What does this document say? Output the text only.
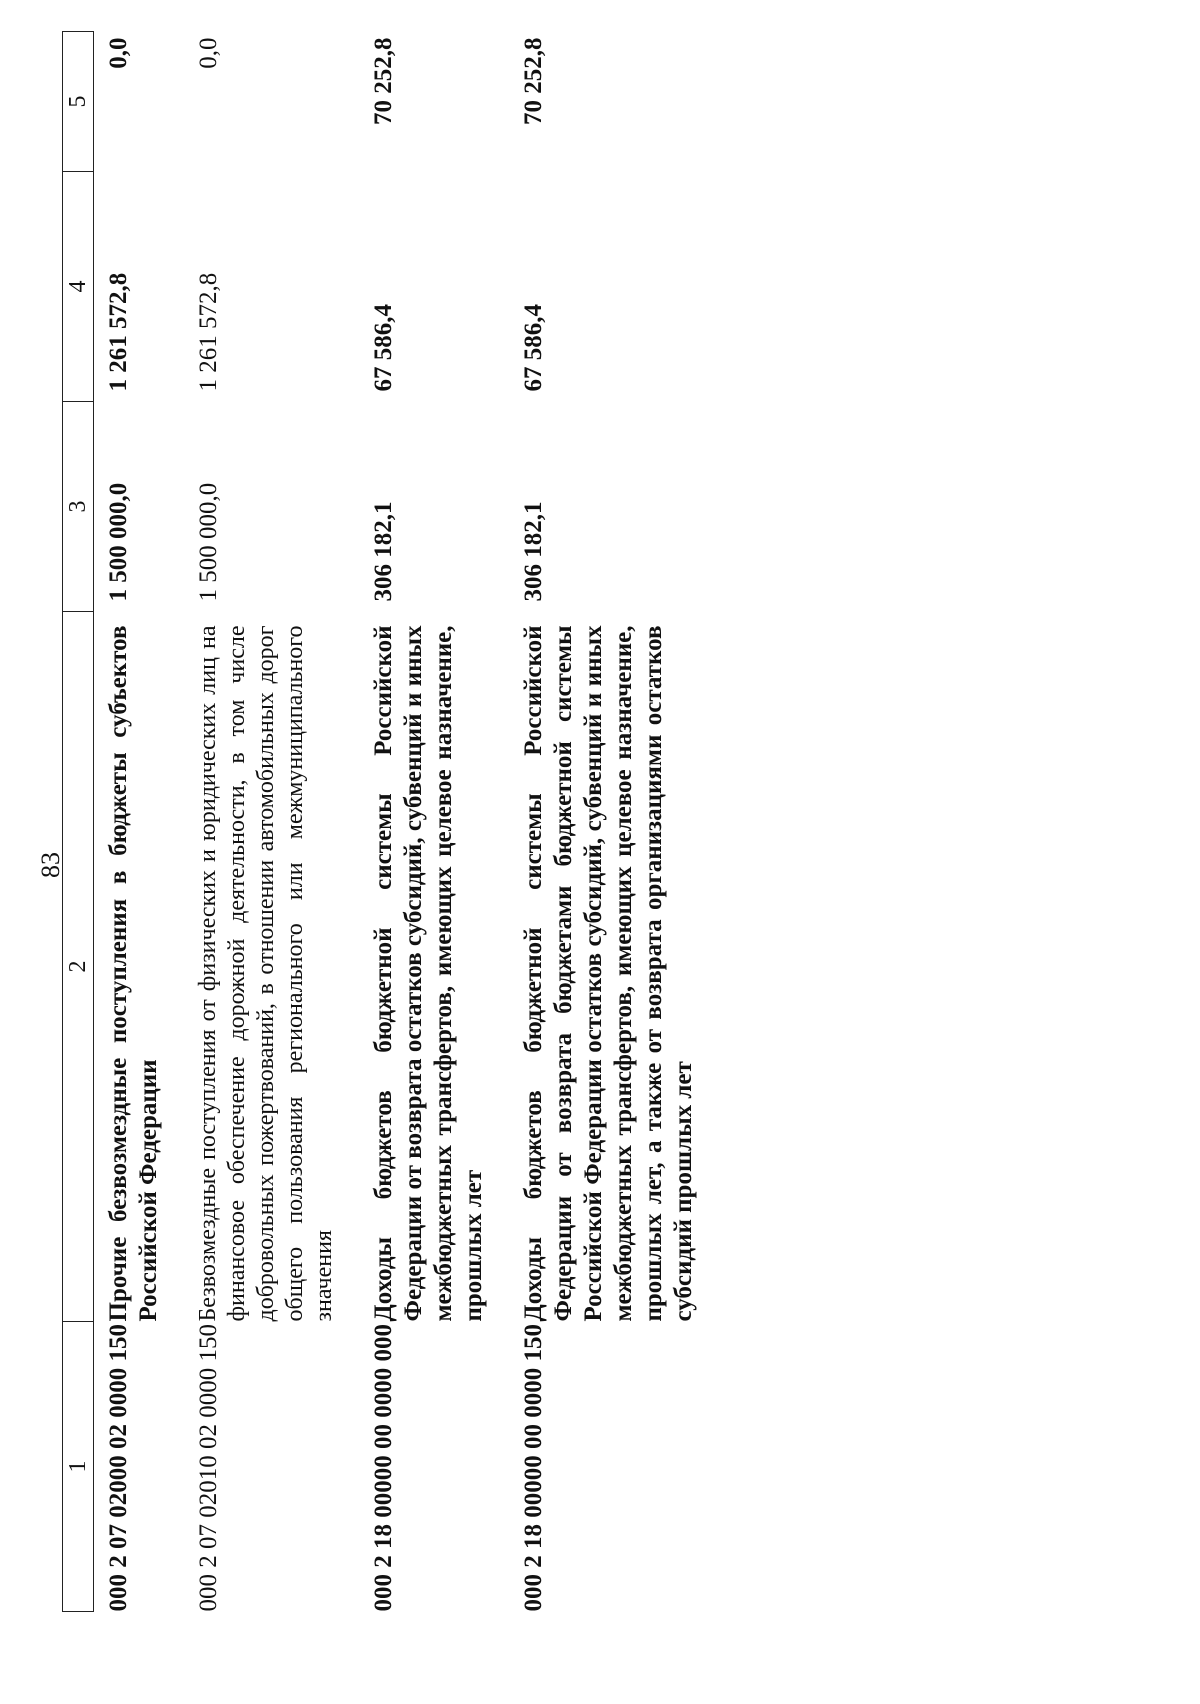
83
1	2	3	4	5

000 2 07 02000 02 0000 150	Прочие безвозмездные поступления в бюджеты субъектов Российской Федерации	1 500 000,0	1 261 572,8	0,0
000 2 07 02010 02 0000 150	Безвозмездные поступления от физических и юридических лиц на финансовое обеспечение дорожной деятельности, в том числе добровольных пожертвований, в отношении автомобильных дорог общего пользования регионального или межмуниципального значения	1 500 000,0	1 261 572,8	0,0
000 2 18 00000 00 0000 000	Доходы бюджетов бюджетной системы Российской Федерации от возврата остатков субсидий, субвенций и иных межбюджетных трансфертов, имеющих целевое назначение, прошлых лет	306 182,1	67 586,4	70 252,8
000 2 18 00000 00 0000 150	Доходы бюджетов бюджетной системы Российской Федерации от возврата бюджетами бюджетной системы Российской Федерации остатков субсидий, субвенций и иных межбюджетных трансфертов, имеющих целевое назначение, прошлых лет, а также от возврата организациями остатков субсидий прошлых лет	306 182,1	67 586,4	70 252,8
